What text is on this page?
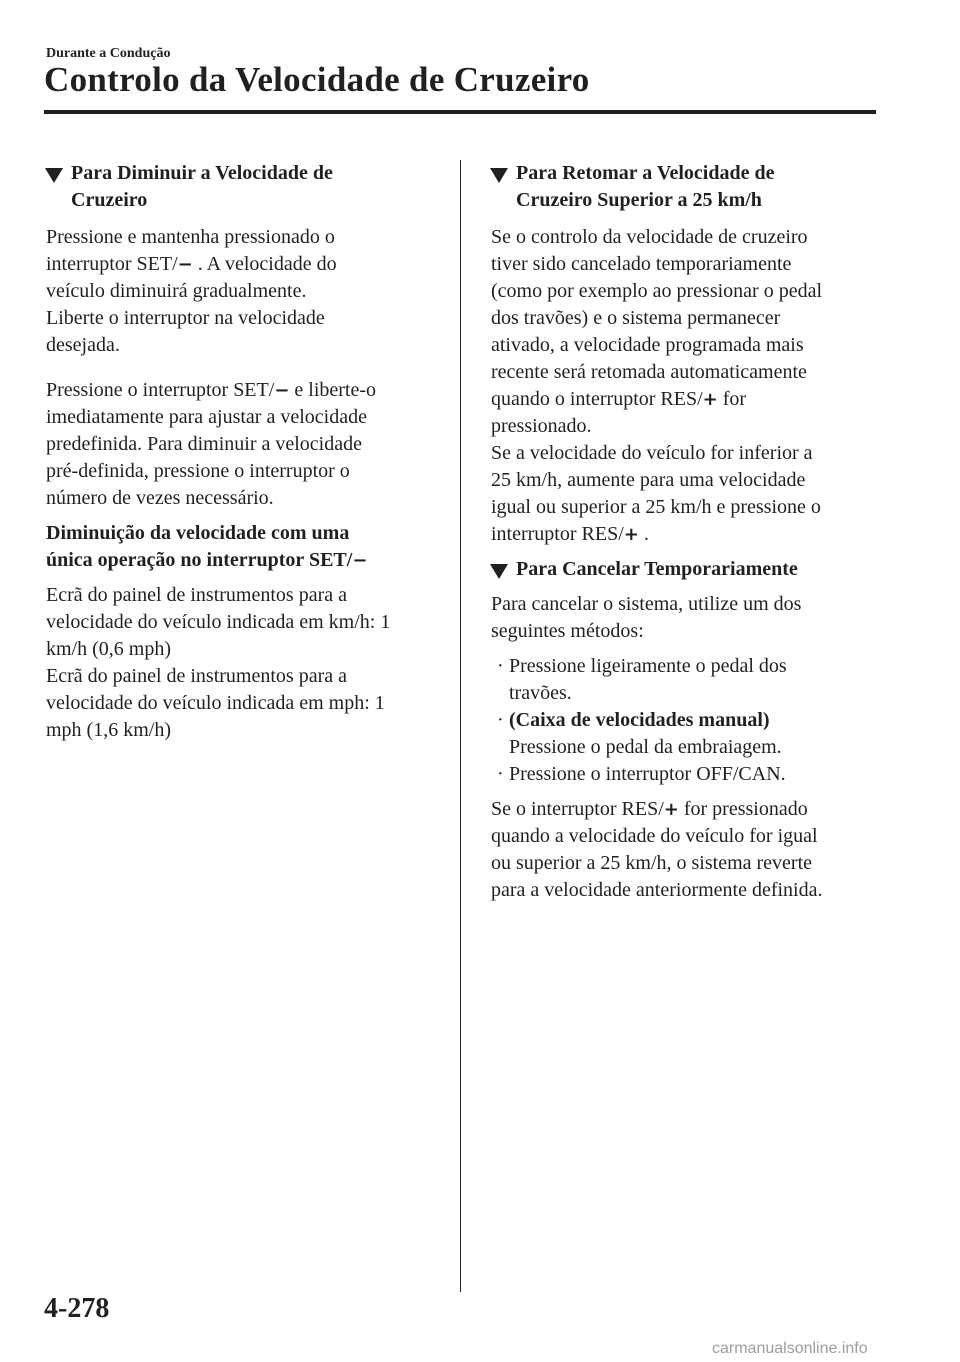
Durante a Condução
Controlo da Velocidade de Cruzeiro
Para Diminuir a Velocidade de
Cruzeiro

Pressione e mantenha pressionado o

interruptor SET/− . A velocidade do

veículo diminuirá gradualmente.

Liberte o interruptor na velocidade

desejada.

Pressione o interruptor SET/− e liberte-o

imediatamente para ajustar a velocidade

predefinida. Para diminuir a velocidade

pré-definida, pressione o interruptor o

número de vezes necessário.

Diminuição da velocidade com uma

única operação no interruptor SET/−

Ecrã do painel de instrumentos para a

velocidade do veículo indicada em km/h: 1

km/h (0,6 mph)

Ecrã do painel de instrumentos para a

velocidade do veículo indicada em mph: 1

mph (1,6 km/h)

Para Retomar a Velocidade de
Cruzeiro Superior a 25 km/h

Se o controlo da velocidade de cruzeiro

tiver sido cancelado temporariamente

(como por exemplo ao pressionar o pedal

dos travões) e o sistema permanecer

ativado, a velocidade programada mais

recente será retomada automaticamente

quando o interruptor RES/+ for

pressionado.

Se a velocidade do veículo for inferior a

25 km/h, aumente para uma velocidade

igual ou superior a 25 km/h e pressione o

interruptor RES/+ .

Para Cancelar Temporariamente

Para cancelar o sistema, utilize um dos

seguintes métodos:

· Pressione ligeiramente o pedal dos
travões.
· (Caixa de velocidades manual)
Pressione o pedal da embraiagem.
· Pressione o interruptor OFF/CAN.

Se o interruptor RES/+ for pressionado

quando a velocidade do veículo for igual

ou superior a 25 km/h, o sistema reverte

para a velocidade anteriormente definida.

4-278
carmanualsonline.info
